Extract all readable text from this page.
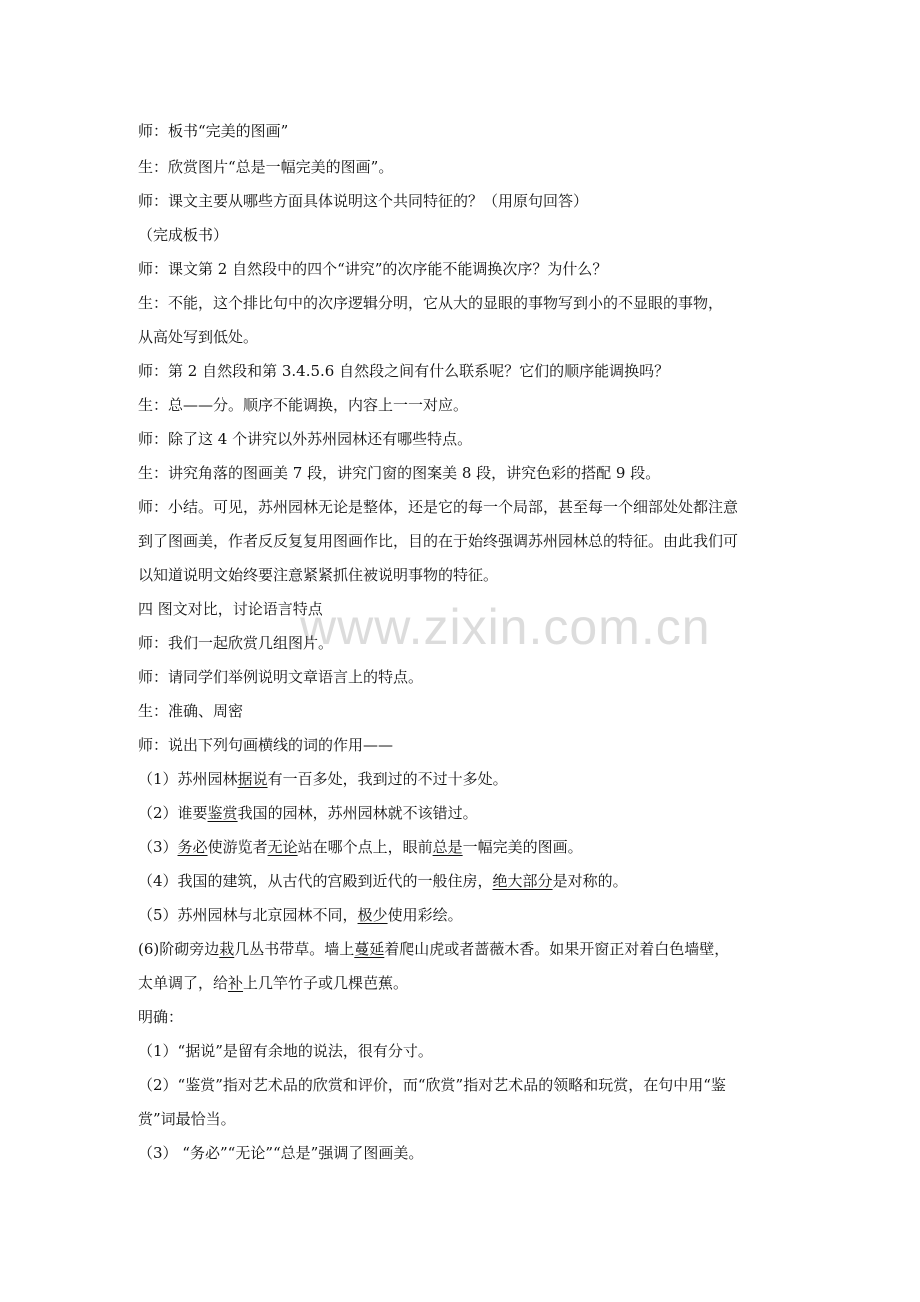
www.zixin.com.cn
师：板书“完美的图画”
生：欣赏图片“总是一幅完美的图画”。
师：课文主要从哪些方面具体说明这个共同特征的？（用原句回答）
（完成板书）
师：课文第 2 自然段中的四个“讲究”的次序能不能调换次序？为什么？
生：不能，这个排比句中的次序逻辑分明，它从大的显眼的事物写到小的不显眼的事物，
从高处写到低处。
师：第 2 自然段和第 3.4.5.6 自然段之间有什么联系呢？它们的顺序能调换吗？
生：总——分。顺序不能调换，内容上一一对应。
师：除了这 4 个讲究以外苏州园林还有哪些特点。
生：讲究角落的图画美 7 段，讲究门窗的图案美 8 段，讲究色彩的搭配 9 段。
师：小结。可见，苏州园林无论是整体，还是它的每一个局部，甚至每一个细部处处都注意
到了图画美，作者反反复复用图画作比，目的在于始终强调苏州园林总的特征。由此我们可
以知道说明文始终要注意紧紧抓住被说明事物的特征。
四 图文对比，讨论语言特点
师：我们一起欣赏几组图片。
师：请同学们举例说明文章语言上的特点。
生：准确、周密
师：说出下列句画横线的词的作用——
（1）苏州园林据说有一百多处，我到过的不过十多处。
（2）谁要鉴赏我国的园林，苏州园林就不该错过。
（3）务必使游览者无论站在哪个点上，眼前总是一幅完美的图画。
（4）我国的建筑，从古代的宫殿到近代的一般住房，绝大部分是对称的。
（5）苏州园林与北京园林不同，极少使用彩绘。
(6)阶砌旁边栽几丛书带草。墙上蔓延着爬山虎或者蔷薇木香。如果开窗正对着白色墙壁，
太单调了，给补上几竿竹子或几棵芭蕉。
明确：
（1）“据说”是留有余地的说法，很有分寸。
（2）“鉴赏”指对艺术品的欣赏和评价，而“欣赏”指对艺术品的领略和玩赏，在句中用“鉴
赏”词最恰当。
（3） “务必”“无论”“总是”强调了图画美。
